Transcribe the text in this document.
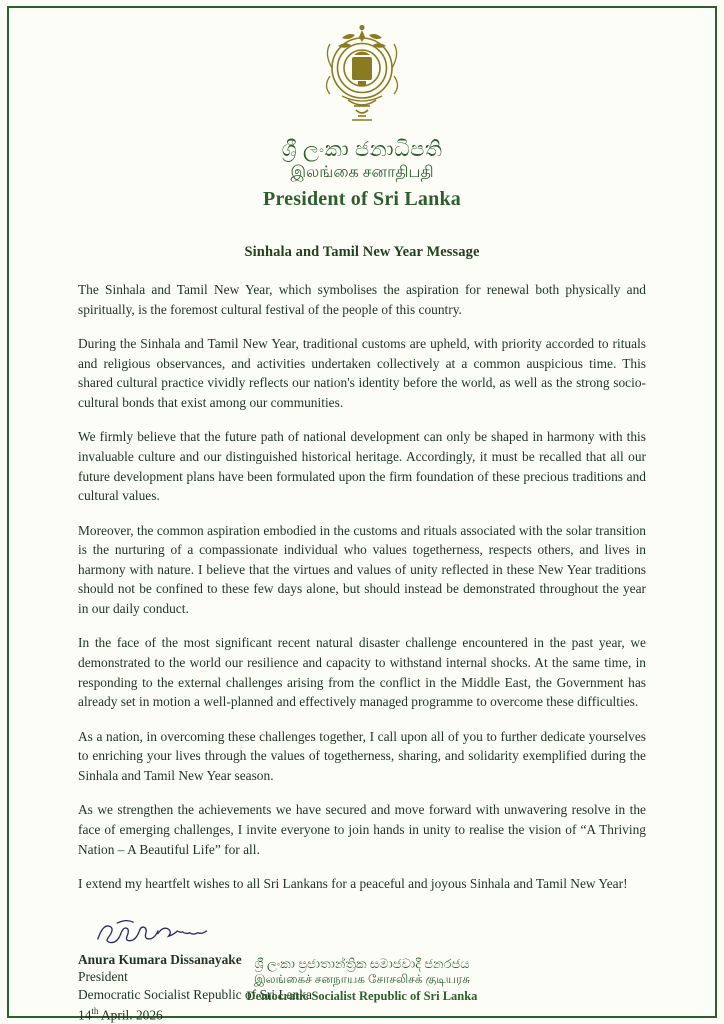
ශ්‍රී ලංකා ජනාධිපති
இலங்கை சனாதிபதி
President of Sri Lanka
Sinhala and Tamil New Year Message

The Sinhala and Tamil New Year, which symbolises the aspiration for renewal both physically and spiritually, is the foremost cultural festival of the people of this country.

During the Sinhala and Tamil New Year, traditional customs are upheld, with priority accorded to rituals and religious observances, and activities undertaken collectively at a common auspicious time. This shared cultural practice vividly reflects our nation's identity before the world, as well as the strong socio-cultural bonds that exist among our communities.

We firmly believe that the future path of national development can only be shaped in harmony with this invaluable culture and our distinguished historical heritage. Accordingly, it must be recalled that all our future development plans have been formulated upon the firm foundation of these precious traditions and cultural values.

Moreover, the common aspiration embodied in the customs and rituals associated with the solar transition is the nurturing of a compassionate individual who values togetherness, respects others, and lives in harmony with nature. I believe that the virtues and values of unity reflected in these New Year traditions should not be confined to these few days alone, but should instead be demonstrated throughout the year in our daily conduct.

In the face of the most significant recent natural disaster challenge encountered in the past year, we demonstrated to the world our resilience and capacity to withstand internal shocks. At the same time, in responding to the external challenges arising from the conflict in the Middle East, the Government has already set in motion a well-planned and effectively managed programme to overcome these difficulties.

As a nation, in overcoming these challenges together, I call upon all of you to further dedicate yourselves to enriching your lives through the values of togetherness, sharing, and solidarity exemplified during the Sinhala and Tamil New Year season.

As we strengthen the achievements we have secured and move forward with unwavering resolve in the face of emerging challenges, I invite everyone to join hands in unity to realise the vision of “A Thriving Nation – A Beautiful Life” for all.

I extend my heartfelt wishes to all Sri Lankans for a peaceful and joyous Sinhala and Tamil New Year!

Anura Kumara Dissanayake
President
Democratic Socialist Republic of Sri Lanka
14th April. 2026
ශ්‍රී ලංකා ප්‍රජාතාන්ත්‍රික සමාජවාදී ජනරජය
இலங்கைச் சனநாயக சோசலிசக் குடியரசு
Democratic Socialist Republic of Sri Lanka
